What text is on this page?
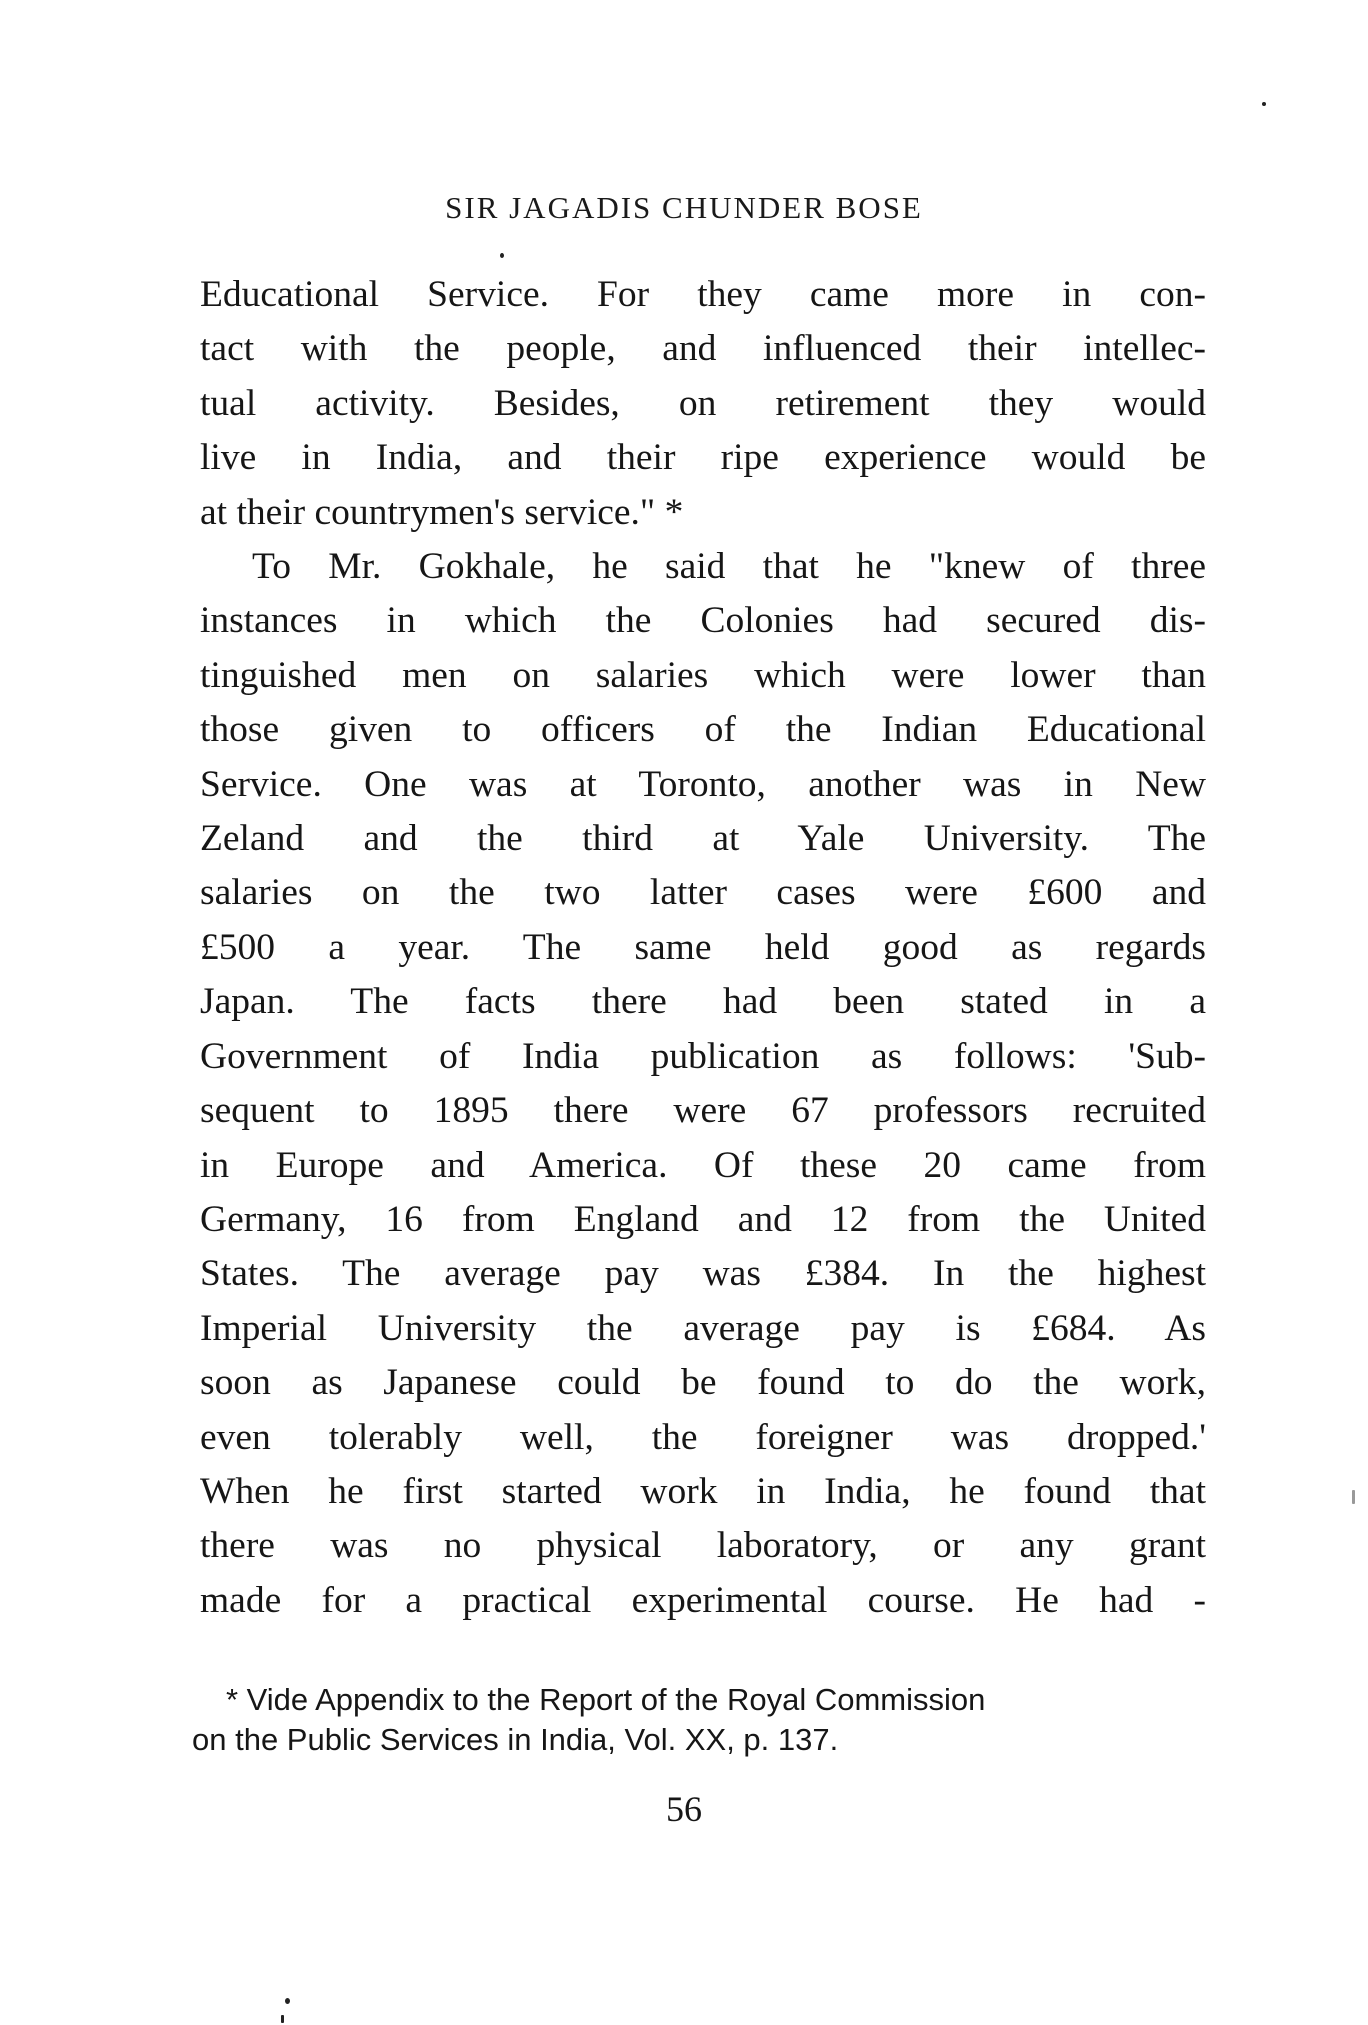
SIR JAGADIS CHUNDER BOSE
Educational Service. For they came more in con-
tact with the people, and influenced their intellec-
tual activity. Besides, on retirement they would
live in India, and their ripe experience would be
at their countrymen's service." *
To Mr. Gokhale, he said that he "knew of three
instances in which the Colonies had secured dis-
tinguished men on salaries which were lower than
those given to officers of the Indian Educational
Service. One was at Toronto, another was in New
Zeland and the third at Yale University. The
salaries on the two latter cases were £600 and
£500 a year. The same held good as regards
Japan. The facts there had been stated in a
Government of India publication as follows: 'Sub-
sequent to 1895 there were 67 professors recruited
in Europe and America. Of these 20 came from
Germany, 16 from England and 12 from the United
States. The average pay was £384. In the highest
Imperial University the average pay is £684. As
soon as Japanese could be found to do the work,
even tolerably well, the foreigner was dropped.'
When he first started work in India, he found that
there was no physical laboratory, or any grant
made for a practical experimental course. He had -
* Vide Appendix to the Report of the Royal Commission
on the Public Services in India, Vol. XX, p. 137.
56
